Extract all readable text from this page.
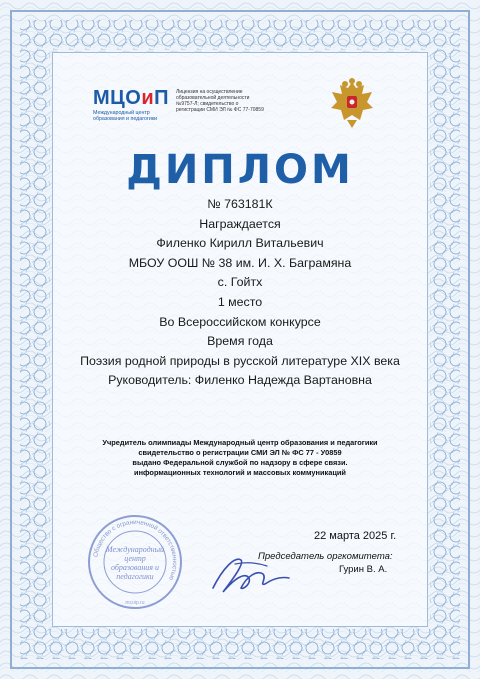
МЦОиП
Международный центр образования и педагогики
Лицензия на осуществление образовательной деятельности №9757-Л; свидетельство о регистрации СМИ ЭЛ № ФС 77-70859
ДИПЛОМ
№ 763181К
Награждается
Филенко Кирилл Витальевич
МБОУ ООШ № 38 им. И. Х. Баграмяна
с. Гойтх
1 место
Во Всероссийском конкурсе
Время года
Поэзия родной природы в русской литературе XIX века
Руководитель: Филенко Надежда Вартановна
Учредитель олимпиады Международный центр образования и педагогики
свидетельство о регистрации СМИ ЭЛ № ФС 77 - У0859
выдано Федеральной службой по надзору в сфере связи.
информационных технологий и массовых коммуникаций
Общество с ограниченной ответственностью
Международный
центр
образования и
педагогики
mcoip.ru
22 марта 2025 г.
Председатель оргкомитета:
Гурин В. А.
